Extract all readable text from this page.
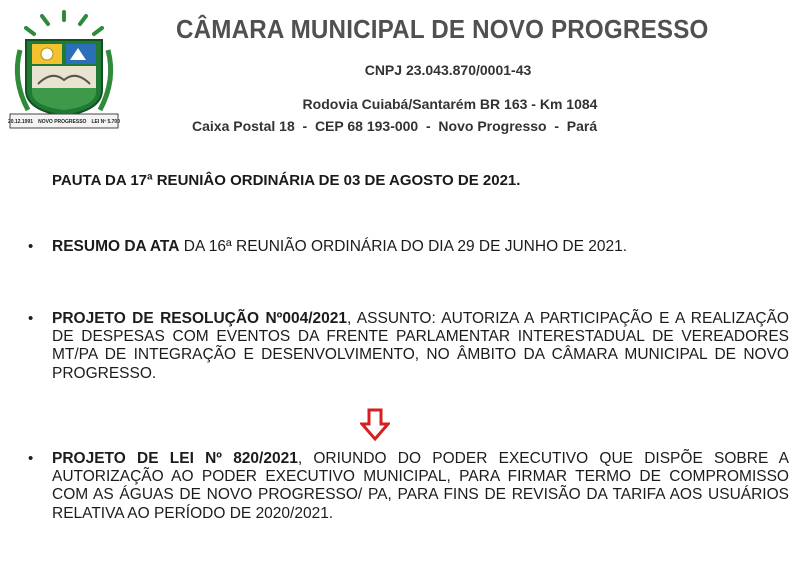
20.12.1991 NOVO PROGRESSO LEI Nº 5.700
CÂMARA MUNICIPAL DE NOVO PROGRESSO
CNPJ 23.043.870/0001-43
Rodovia Cuiabá/Santarém BR 163 - Km 1084
Caixa Postal 18  -  CEP 68 193-000  -  Novo Progresso  -  Pará
PAUTA DA 17ª REUNIÂO ORDINÁRIA DE 03 DE AGOSTO DE 2021.
• RESUMO DA ATA DA 16ª REUNIÃO ORDINÁRIA DO DIA 29 DE JUNHO DE 2021.
• PROJETO DE RESOLUÇÃO Nº004/2021, ASSUNTO: AUTORIZA A PARTICIPAÇÃO E A REALIZAÇÃO DE DESPESAS COM EVENTOS DA FRENTE PARLAMENTAR INTERESTADUAL DE VEREADORES MT/PA DE INTEGRAÇÃO E DESENVOLVIMENTO, NO ÂMBITO DA CÂMARA MUNICIPAL DE NOVO PROGRESSO.
• PROJETO DE LEI Nº 820/2021, ORIUNDO DO PODER EXECUTIVO QUE DISPÕE SOBRE A AUTORIZAÇÃO AO PODER EXECUTIVO MUNICIPAL, PARA FIRMAR TERMO DE COMPROMISSO COM AS ÁGUAS DE NOVO PROGRESSO/ PA, PARA FINS DE REVISÃO DA TARIFA AOS USUÁRIOS RELATIVA AO PERÍODO DE 2020/2021.
